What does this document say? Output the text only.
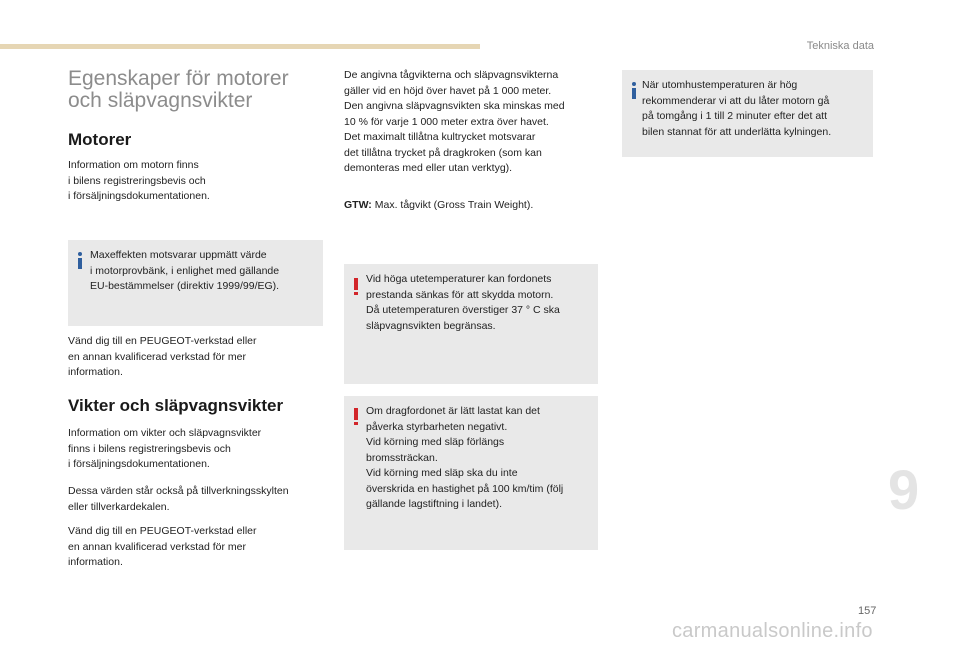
Tekniska data
Egenskaper för motorer
och släpvagnsvikter
Motorer
Information om motorn finns
i bilens registreringsbevis och
i försäljningsdokumentationen.
Maxeffekten motsvarar uppmätt värde
i motorprovbänk, i enlighet med gällande
EU-bestämmelser (direktiv 1999/99/EG).
Vänd dig till en PEUGEOT-verkstad eller
en annan kvalificerad verkstad för mer
information.
Vikter och släpvagnsvikter
Information om vikter och släpvagnsvikter
finns i bilens registreringsbevis och
i försäljningsdokumentationen.
Dessa värden står också på tillverkningsskylten
eller tillverkardekalen.
Vänd dig till en PEUGEOT-verkstad eller
en annan kvalificerad verkstad för mer
information.
De angivna tågvikterna och släpvagnsvikterna
gäller vid en höjd över havet på 1 000 meter.
Den angivna släpvagnsvikten ska minskas med
10 % för varje 1 000 meter extra över havet.
Det maximalt tillåtna kultrycket motsvarar
det tillåtna trycket på dragkroken (som kan
demonteras med eller utan verktyg).
GTW: Max. tågvikt (Gross Train Weight).
Vid höga utetemperaturer kan fordonets
prestanda sänkas för att skydda motorn.
Då utetemperaturen överstiger 37 ° C ska
släpvagnsvikten begränsas.
Om dragfordonet är lätt lastat kan det
påverka styrbarheten negativt.
Vid körning med släp förlängs
bromssträckan.
Vid körning med släp ska du inte
överskrida en hastighet på 100 km/tim (följ
gällande lagstiftning i landet).
När utomhustemperaturen är hög
rekommenderar vi att du låter motorn gå
på tomgång i 1 till 2 minuter efter det att
bilen stannat för att underlätta kylningen.
9
157
carmanualsonline.info
